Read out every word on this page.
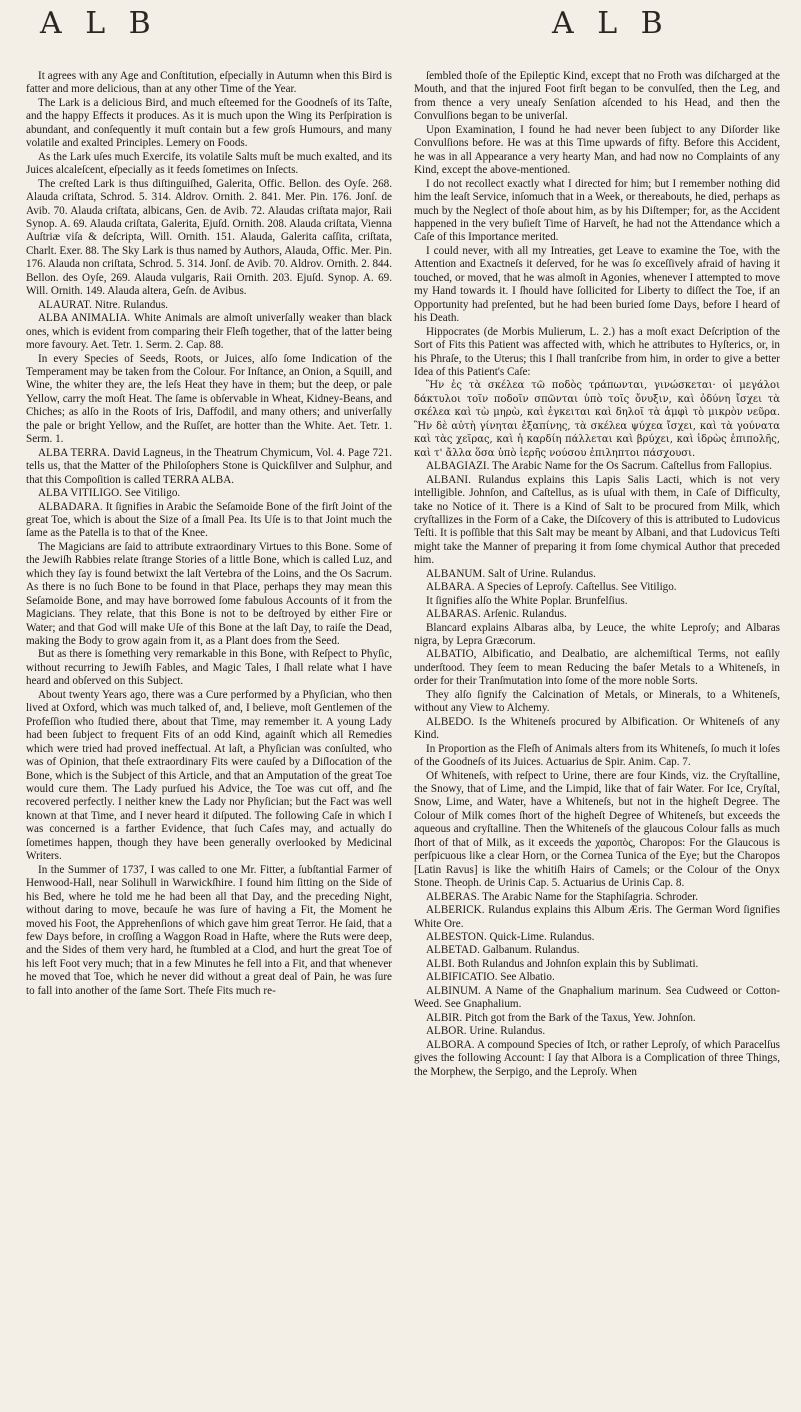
A L B	A L B

It agrees with any Age and Conſtitution, eſpecially in Autumn when this Bird is fatter and more delicious, than at any other Time of the Year.

The Lark is a delicious Bird, and much eſteemed for the Goodneſs of its Taſte, and the happy Effects it produces. As it is much upon the Wing its Perſpiration is abundant, and conſequently it muſt contain but a few groſs Humours, and many volatile and exalted Principles. Lemery on Foods.

As the Lark uſes much Exercife, its volatile Salts muſt be much exalted, and its Juices alcaleſcent, eſpecially as it feeds ſometimes on Inſects.

The creſted Lark is thus diſtinguiſhed, Galerita, Offic. Bellon. des Oyſe. 268. Alauda criſtata, Schrod. 5. 314. Aldrov. Ornith. 2. 841. Mer. Pin. 176. Jonſ. de Avib. 70. Alauda criſtata, albicans, Gen. de Avib. 72. Alaudas criſtata major, Raii Synop. A. 69. Alauda criſtata, Galerita, Ejuſd. Ornith. 208. Alauda criſtata, Vienna Auſtriæ viſa & deſcripta, Will. Ornith. 151. Alauda, Galerita caſſita, criſtata, Charlt. Exer. 88. The Sky Lark is thus named by Authors, Alauda, Offic. Mer. Pin. 176. Alauda non criſtata, Schrod. 5. 314. Jonſ. de Avib. 70. Aldrov. Ornith. 2. 844. Bellon. des Oyſe, 269. Alauda vulgaris, Raii Ornith. 203. Ejuſd. Synop. A. 69. Will. Ornith. 149. Alauda altera, Geſn. de Avibus.

ALAURAT. Nitre. Rulandus.

ALBA ANIMALIA. White Animals are almoſt univerſally weaker than black ones, which is evident from comparing their Fleſh together, that of the latter being more favoury. Aet. Tetr. 1. Serm. 2. Cap. 88.

In every Species of Seeds, Roots, or Juices, alſo ſome Indication of the Temperament may be taken from the Colour. For Inſtance, an Onion, a Squill, and Wine, the whiter they are, the leſs Heat they have in them; but the deep, or pale Yellow, carry the moſt Heat. The ſame is obſervable in Wheat, Kidney-Beans, and Chiches; as alſo in the Roots of Iris, Daffodil, and many others; and univerſally the pale or bright Yellow, and the Ruſſet, are hotter than the White. Aet. Tetr. 1. Serm. 1.

ALBA TERRA. David Lagneus, in the Theatrum Chymicum, Vol. 4. Page 721. tells us, that the Matter of the Philoſophers Stone is Quickſilver and Sulphur, and that this Compoſition is called TERRA ALBA.

ALBA VITILIGO. See Vitiligo.

ALBADARA. It ſignifies in Arabic the Seſamoide Bone of the firſt Joint of the great Toe, which is about the Size of a ſmall Pea. Its Uſe is to that Joint much the ſame as the Patella is to that of the Knee.

The Magicians are ſaid to attribute extraordinary Virtues to this Bone. Some of the Jewiſh Rabbies relate ſtrange Stories of a little Bone, which is called Luz, and which they ſay is found betwixt the laſt Vertebra of the Loins, and the Os Sacrum. As there is no ſuch Bone to be found in that Place, perhaps they may mean this Seſamoide Bone, and may have borrowed ſome fabulous Accounts of it from the Magicians. They relate, that this Bone is not to be deſtroyed by either Fire or Water; and that God will make Uſe of this Bone at the laſt Day, to raiſe the Dead, making the Body to grow again from it, as a Plant does from the Seed.

But as there is ſomething very remarkable in this Bone, with Reſpect to Phyſic, without recurring to Jewiſh Fables, and Magic Tales, I ſhall relate what I have heard and obſerved on this Subject.

About twenty Years ago, there was a Cure performed by a Phyſician, who then lived at Oxford, which was much talked of, and, I believe, moſt Gentlemen of the Profeſſion who ſtudied there, about that Time, may remember it. A young Lady had been ſubject to frequent Fits of an odd Kind, againſt which all Remedies which were tried had proved ineffectual. At laſt, a Phyſician was conſulted, who was of Opinion, that theſe extraordinary Fits were cauſed by a Diſlocation of the Bone, which is the Subject of this Article, and that an Amputation of the great Toe would cure them. The Lady purſued his Advice, the Toe was cut off, and ſhe recovered perfectly. I neither knew the Lady nor Phyſician; but the Fact was well known at that Time, and I never heard it diſputed. The following Caſe in which I was concerned is a farther Evidence, that ſuch Caſes may, and actually do ſometimes happen, though they have been generally overlooked by Medicinal Writers.

In the Summer of 1737, I was called to one Mr. Fitter, a ſubſtantial Farmer of Henwood-Hall, near Solihull in Warwickſhire. I found him ſitting on the Side of his Bed, where he told me he had been all that Day, and the preceding Night, without daring to move, becauſe he was ſure of having a Fit, the Moment he moved his Foot, the Apprehenſions of which gave him great Terror. He ſaid, that a few Days before, in croſſing a Waggon Road in Hafte, where the Ruts were deep, and the Sides of them very hard, he ſtumbled at a Clod, and hurt the great Toe of his left Foot very much; that in a few Minutes he fell into a Fit, and that whenever he moved that Toe, which he never did without a great deal of Pain, he was ſure to fall into another of the ſame Sort. Theſe Fits much re-

ſembled thoſe of the Epileptic Kind, except that no Froth was diſcharged at the Mouth, and that the injured Foot firſt began to be convulſed, then the Leg, and from thence a very uneaſy Senſation aſcended to his Head, and then the Convulſions began to be univerſal.

Upon Examination, I found he had never been ſubject to any Diſorder like Convulſions before. He was at this Time upwards of fifty. Before this Accident, he was in all Appearance a very hearty Man, and had now no Complaints of any Kind, except the above-mentioned.

I do not recollect exactly what I directed for him; but I remember nothing did him the leaſt Service, inſomuch that in a Week, or thereabouts, he died, perhaps as much by the Neglect of thoſe about him, as by his Diſtemper; for, as the Accident happened in the very buſieſt Time of Harveſt, he had not the Attendance which a Caſe of this Importance merited.

I could never, with all my Intreaties, get Leave to examine the Toe, with the Attention and Exactneſs it deſerved, for he was ſo exceſſively afraid of having it touched, or moved, that he was almoſt in Agonies, whenever I attempted to move my Hand towards it. I ſhould have ſollicited for Liberty to diſſect the Toe, if an Opportunity had preſented, but he had been buried ſome Days, before I heard of his Death.

Hippocrates (de Morbis Mulierum, L. 2.) has a moſt exact Deſcription of the Sort of Fits this Patient was affected with, which he attributes to Hyſterics, or, in his Phraſe, to the Uterus; this I ſhall tranſcribe from him, in order to give a better Idea of this Patient's Caſe:

Ἢν ἐς τὰ σκέλεα τῶ ποδὸς τράπωνται, γινώσκεται· οἱ μεγάλοι δάκτυλοι τοῖν ποδοῖν σπῶνται ὑπὸ τοῖς ὄνυξιν, καὶ ὀδύνη ἴσχει τὰ σκέλεα καὶ τὼ μηρὼ, καὶ ἐγκειται καὶ δηλοῖ τὰ ἀμφὶ τὸ μικρὸν νεῦρα. Ἢν δὲ αὐτὴ γίνηται ἐξαπίνης, τὰ σκέλεα ψύχεα ἴσχει, καὶ τὰ γούνατα καὶ τὰς χεῖρας, καὶ ἡ καρδίη πάλλεται καὶ βρύχει, καὶ ἱδρὼς ἐπιπολῆς, καὶ τ' ἄλλα ὅσα ὑπὸ ἱερῆς νούσου ἐπιληπτοι πάσχουσι.

ALBAGIAZI. The Arabic Name for the Os Sacrum. Caſtellus from Fallopius.

ALBANI. Rulandus explains this Lapis Salis Lacti, which is not very intelligible. Johnſon, and Caſtellus, as is uſual with them, in Caſe of Difficulty, take no Notice of it. There is a Kind of Salt to be procured from Milk, which cryſtallizes in the Form of a Cake, the Diſcovery of this is attributed to Ludovicus Teſti. It is poſſible that this Salt may be meant by Albani, and that Ludovicus Teſti might take the Manner of preparing it from ſome chymical Author that preceded him.

ALBANUM. Salt of Urine. Rulandus.

ALBARA. A Species of Leproſy. Caſtellus. See Vitiligo.

It ſignifies alſo the White Poplar. Brunfelſius.

ALBARAS. Arſenic. Rulandus.

Blancard explains Albaras alba, by Leuce, the white Leproſy; and Albaras nigra, by Lepra Græcorum.

ALBATIO, Albificatio, and Dealbatio, are alchemiſtical Terms, not eaſily underſtood. They ſeem to mean Reducing the baſer Metals to a Whiteneſs, in order for their Tranſmutation into ſome of the more noble Sorts.

They alſo ſignify the Calcination of Metals, or Minerals, to a Whiteneſs, without any View to Alchemy.

ALBEDO. Is the Whiteneſs procured by Albification. Or Whiteneſs of any Kind.

In Proportion as the Fleſh of Animals alters from its Whiteneſs, ſo much it loſes of the Goodneſs of its Juices. Actuarius de Spir. Anim. Cap. 7.

Of Whiteneſs, with reſpect to Urine, there are four Kinds, viz. the Cryſtalline, the Snowy, that of Lime, and the Limpid, like that of fair Water. For Ice, Cryſtal, Snow, Lime, and Water, have a Whiteneſs, but not in the higheſt Degree. The Colour of Milk comes ſhort of the higheſt Degree of Whiteneſs, but exceeds the aqueous and cryſtalline. Then the Whiteneſs of the glaucous Colour falls as much ſhort of that of Milk, as it exceeds the χαροπὸς, Charopos: For the Glaucous is perſpicuous like a clear Horn, or the Cornea Tunica of the Eye; but the Charopos [Latin Ravus] is like the whitiſh Hairs of Camels; or the Colour of the Onyx Stone. Theoph. de Urinis Cap. 5. Actuarius de Urinis Cap. 8.

ALBERAS. The Arabic Name for the Staphiſagria. Schroder.

ALBERICK. Rulandus explains this Album Æris. The German Word ſignifies White Ore.

ALBESTON. Quick-Lime. Rulandus.

ALBETAD. Galbanum. Rulandus.

ALBI. Both Rulandus and Johnſon explain this by Sublimati.

ALBIFICATIO. See Albatio.

ALBINUM. A Name of the Gnaphalium marinum. Sea Cudweed or Cotton-Weed. See Gnaphalium.

ALBIR. Pitch got from the Bark of the Taxus, Yew. Johnſon.

ALBOR. Urine. Rulandus.

ALBORA. A compound Species of Itch, or rather Leproſy, of which Paracelſus gives the following Account: I ſay that Albora is a Complication of three Things, the Morphew, the Serpigo, and the Leproſy. When
